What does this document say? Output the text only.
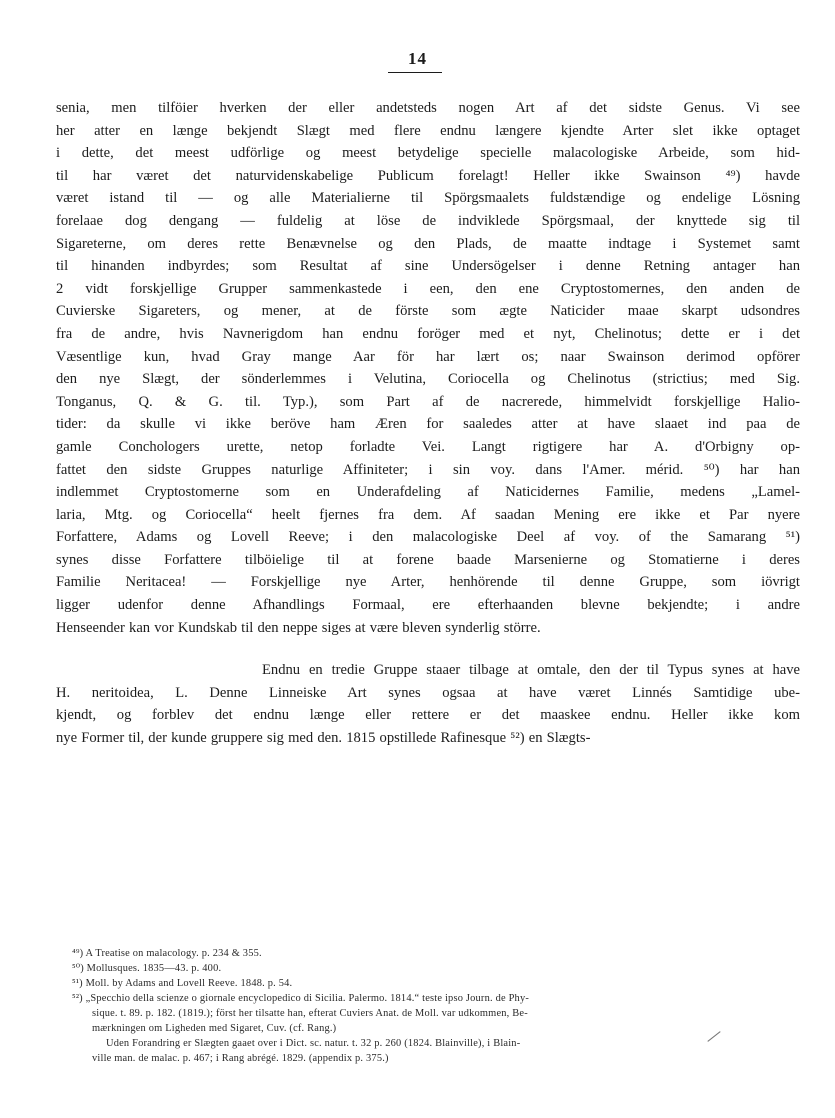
14

senia, men tilföier hverken der eller andetsteds nogen Art af det sidste Genus. Vi see
her atter en længe bekjendt Slægt med flere endnu længere kjendte Arter slet ikke optaget
i dette, det meest udförlige og meest betydelige specielle malacologiske Arbeide, som hid-
til har været det naturvidenskabelige Publicum forelagt! Heller ikke Swainson ⁴⁹) havde
været istand til — og alle Materialierne til Spörgsmaalets fuldstændige og endelige Lösning
forelaae dog dengang — fuldelig at löse de indviklede Spörgsmaal, der knyttede sig til
Sigareterne, om deres rette Benævnelse og den Plads, de maatte indtage i Systemet samt
til hinanden indbyrdes; som Resultat af sine Undersögelser i denne Retning antager han
2 vidt forskjellige Grupper sammenkastede i een, den ene Cryptostomernes, den anden de
Cuvierske Sigareters, og mener, at de förste som ægte Naticider maae skarpt udsondres
fra de andre, hvis Navnerigdom han endnu foröger med et nyt, Chelinotus; dette er i det
Væsentlige kun, hvad Gray mange Aar för har lært os; naar Swainson derimod opförer
den nye Slægt, der sönderlemmes i Velutina, Coriocella og Chelinotus (strictius; med Sig.
Tonganus, Q. & G. til. Typ.), som Part af de nacrerede, himmelvidt forskjellige Halio-
tider: da skulle vi ikke beröve ham Æren for saaledes atter at have slaaet ind paa de
gamle Conchologers urette, netop forladte Vei. Langt rigtigere har A. d'Orbigny op-
fattet den sidste Gruppes naturlige Affiniteter; i sin voy. dans l'Amer. mérid. ⁵⁰) har han
indlemmet Cryptostomerne som en Underafdeling af Naticidernes Familie, medens „Lamel-
laria, Mtg. og Coriocella“ heelt fjernes fra dem. Af saadan Mening ere ikke et Par nyere
Forfattere, Adams og Lovell Reeve; i den malacologiske Deel af voy. of the Samarang ⁵¹)
synes disse Forfattere tilböielige til at forene baade Marsenierne og Stomatierne i deres
Familie Neritacea! — Forskjellige nye Arter, henhörende til denne Gruppe, som iövrigt
ligger udenfor denne Afhandlings Formaal, ere efterhaanden blevne bekjendte; i andre
Henseender kan vor Kundskab til den neppe siges at være bleven synderlig större.

Endnu en tredie Gruppe staaer tilbage at omtale, den der til Typus synes at have
H. neritoidea, L. Denne Linneiske Art synes ogsaa at have været Linnés Samtidige ube-
kjendt, og forblev det endnu længe eller rettere er det maaskee endnu. Heller ikke kom
nye Former til, der kunde gruppere sig med den. 1815 opstillede Rafinesque ⁵²) en Slægts-

⁴⁹) A Treatise on malacology. p. 234 & 355.

⁵⁰) Mollusques. 1835—43. p. 400.

⁵¹) Moll. by Adams and Lovell Reeve. 1848. p. 54.

⁵²) „Specchio della scienze o giornale encyclopedico di Sicilia. Palermo. 1814.“ teste ipso Journ. de Phy-
sique. t. 89. p. 182. (1819.); först her tilsatte han, efterat Cuviers Anat. de Moll. var udkommen, Be-
mærkningen om Ligheden med Sigaret, Cuv. (cf. Rang.)
Uden Forandring er Slægten gaaet over i Dict. sc. natur. t. 32 p. 260 (1824. Blainville), i Blain-
ville man. de malac. p. 467; i Rang abrégé. 1829. (appendix p. 375.)
